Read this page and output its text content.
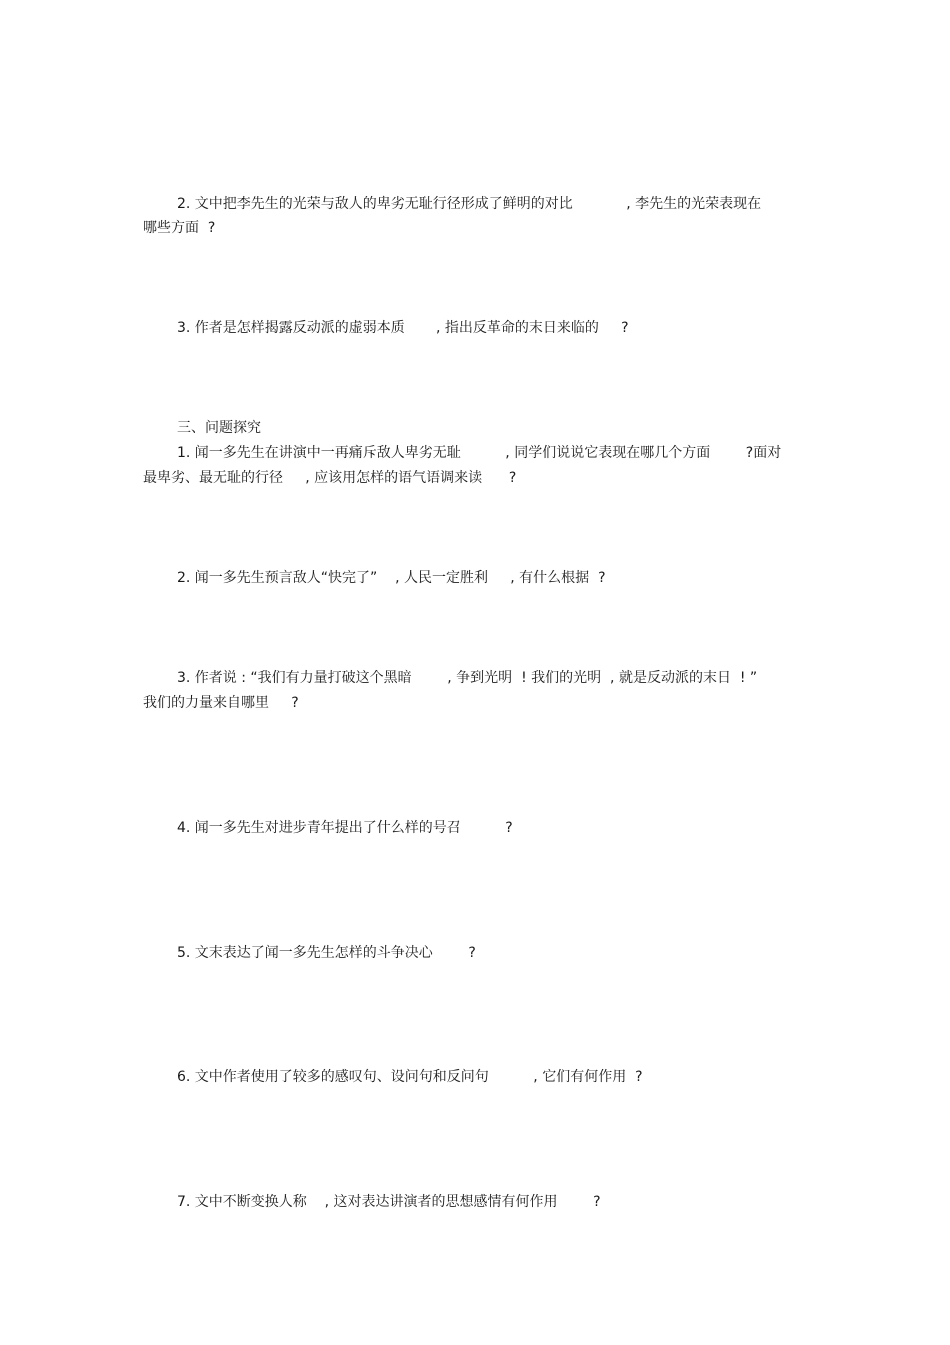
2. 文中把李先生的光荣与敌人的卑劣无耻行径形成了鲜明的对比            , 李先生的光荣表现在

哪些方面  ?

3. 作者是怎样揭露反动派的虚弱本质       , 指出反革命的末日来临的     ?

三、问题探究

1. 闻一多先生在讲演中一再痛斥敌人卑劣无耻          , 同学们说说它表现在哪几个方面        ?面对

最卑劣、最无耻的行径     , 应该用怎样的语气语调来读      ?

2. 闻一多先生预言敌人“快完了”    , 人民一定胜利     , 有什么根据  ?

3. 作者说 : “我们有力量打破这个黑暗        , 争到光明  ! 我们的光明  , 就是反动派的末日  ! ”

我们的力量来自哪里     ?

4. 闻一多先生对进步青年提出了什么样的号召          ?

5. 文末表达了闻一多先生怎样的斗争决心        ?

6. 文中作者使用了较多的感叹句、设问句和反问句          , 它们有何作用  ?

7. 文中不断变换人称    , 这对表达讲演者的思想感情有何作用        ?
